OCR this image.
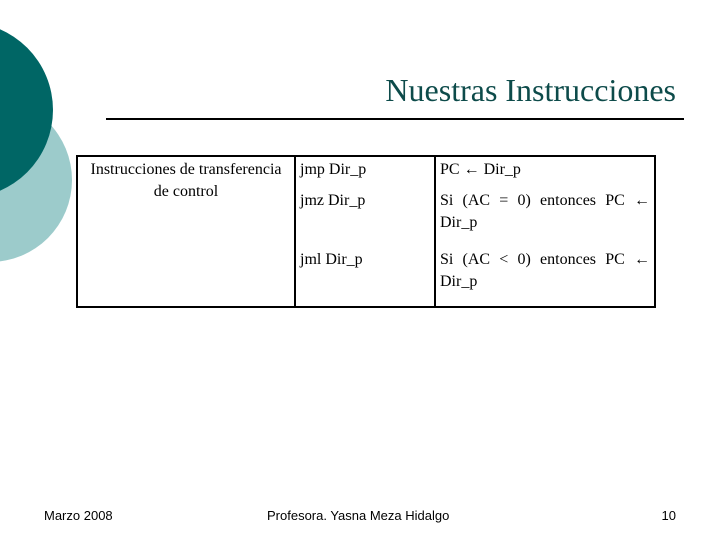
Nuestras Instrucciones
Instrucciones de transferencia de control	jmp Dir_p	PC ← Dir_p

	jmz Dir_p	Si (AC = 0) entonces PC ← Dir_p

	jml Dir_p	Si (AC < 0) entonces PC ← Dir_p
Marzo 2008	Profesora. Yasna Meza Hidalgo	10
